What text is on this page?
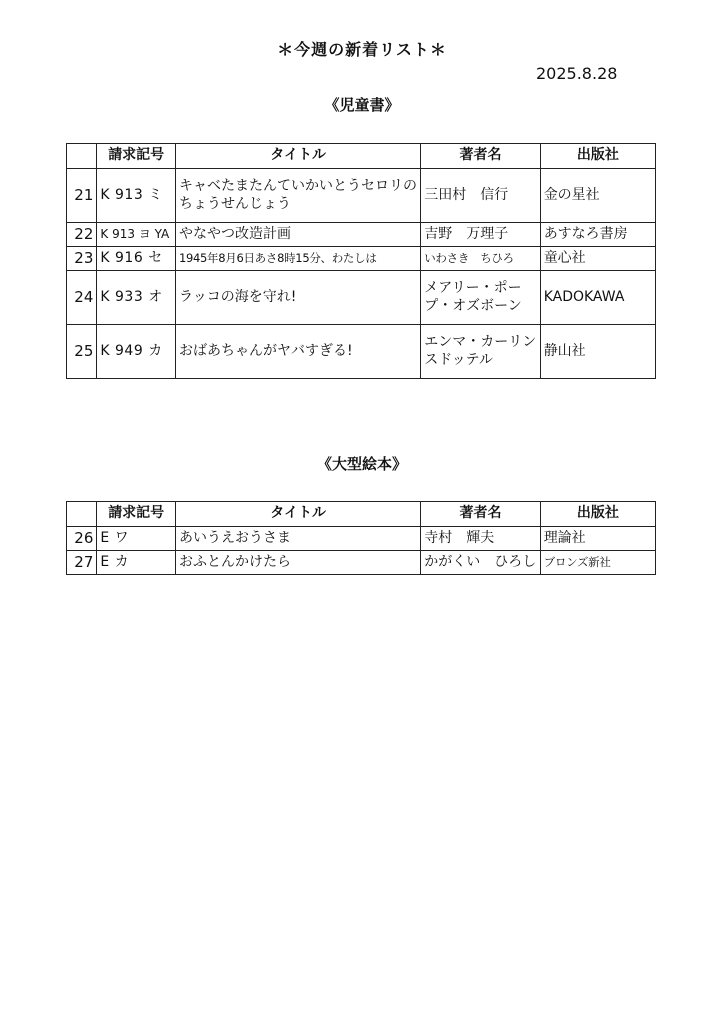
＊今週の新着リスト＊
2025.8.28
《児童書》
	請求記号	タイトル	著者名	出版社
21	K 913 ミ	キャベたまたんていかいとうセロリのちょうせんじょう	三田村　信行	金の星社
22	K 913 ヨ YA	やなやつ改造計画	吉野　万理子	あすなろ書房
23	K 916 セ	1945年8月6日あさ8時15分、わたしは	いわさき　ちひろ	童心社
24	K 933 オ	ラッコの海を守れ!	メアリー・ポープ・オズボーン	KADOKAWA
25	K 949 カ	おばあちゃんがヤバすぎる!	エンマ・カーリンスドッテル	静山社
《大型絵本》
	請求記号	タイトル	著者名	出版社
26	E ワ	あいうえおうさま	寺村　輝夫	理論社
27	E カ	おふとんかけたら	かがくい　ひろし	ブロンズ新社
